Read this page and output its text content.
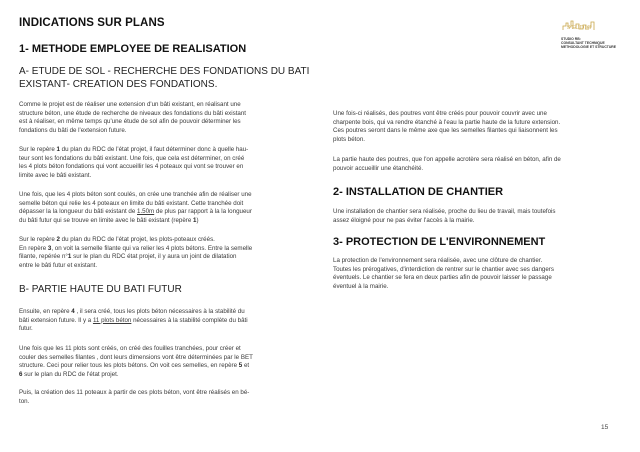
INDICATIONS SUR PLANS	STUDIO
STUDIO RB:
CONSULTANT TECHNIQUE
METHODOLOGIE ET STRUCTURE
1- METHODE EMPLOYEE DE REALISATION
A- ETUDE DE SOL - RECHERCHE DES FONDATIONS DU BATI
EXISTANT- CREATION DES FONDATIONS.

Comme le projet est de réaliser une extension d'un bâti existant, en réalisant une
structure béton, une étude de recherche de niveaux des fondations du bâti existant
est à réaliser, en même temps qu'une étude de sol afin de pouvoir déterminer les
fondations du bâti de l'extension future.

Sur le repère 1 du plan du RDC de l'état projet, il faut déterminer donc à quelle hau-
teur sont les fondations du bâti existant. Une fois, que cela est déterminer, on créé
les 4 plots béton fondations qui vont accueillir les 4 poteaux qui vont se trouver en
limite avec le bâti existant.

Une fois, que les 4 plots béton sont coulés, on crée une tranchée afin de réaliser une
semelle béton qui relie les 4 poteaux en limite du bâti existant. Cette tranchée doit
dépasser la la longueur du bâti existant de 1.50m de plus par rapport à la la longueur
du bâti futur qui se trouve en limite avec le bâti existant (repère 1)

Sur le repère 2 du plan du RDC de l'état projet, les plots-poteaux créés.
En repère 3, on voit la semelle filante qui va relier les 4 plots bétons. Entre la semelle
filante, repérée n°1 sur le plan du RDC état projet, il y aura un joint de dilatation
entre le bâti futur et existant.

B- PARTIE HAUTE DU BATI FUTUR

Ensuite, en repère 4 , il sera créé, tous les plots béton nécessaires à la stabilité du
bâti extension future. Il y a 11 plots béton nécessaires à la stabilité complète du bâti
futur.

Une fois que les 11 plots sont créés, on créé des fouilles tranchées, pour créer et
couler des semelles filantes , dont leurs dimensions vont être déterminées par le BET
structure. Ceci pour relier tous les plots bétons. On voit ces semelles, en repère 5 et
6 sur le plan du RDC de l'état projet.

Puis, la création des 11 poteaux à partir de ces plots béton, vont être réalisés en bé-
ton.

Une fois-ci réalisés, des poutres vont être créés pour pouvoir couvrir avec une
charpente bois, qui va rendre étanché à l'eau la partie haute de la future extension.
Ces poutres seront dans le même axe que les semelles filantes qui liaisonnent les
plots béton.

La partie haute des poutres, que l'on appelle acrotère sera réalisé en béton, afin de
pouvoir accueillir une étanchéité.

2- INSTALLATION DE CHANTIER

Une installation de chantier sera réalisée, proche du lieu de travail, mais toutefois
assez éloigné pour ne pas éviter l'accès à la mairie.

3- PROTECTION DE L'ENVIRONNEMENT

La protection de l'environnement sera réalisée, avec une clôture de chantier.
Toutes les prérogatives, d'interdiction de rentrer sur le chantier avec ses dangers
éventuels. Le chantier se fera en deux parties afin de pouvoir laisser le passage
éventuel à la mairie.

15
